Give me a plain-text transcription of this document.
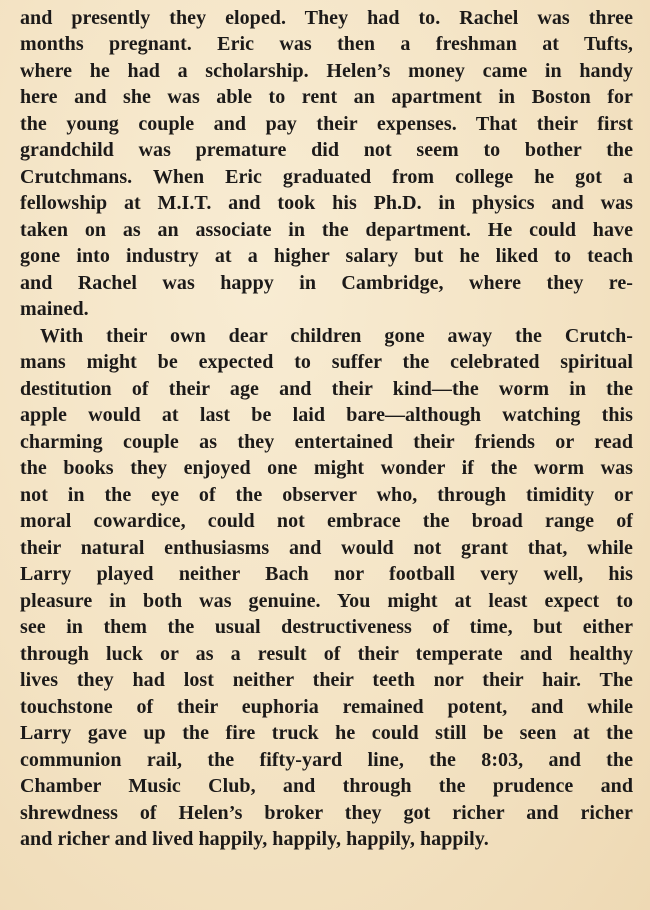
and presently they eloped. They had to. Rachel was three

months pregnant. Eric was then a freshman at Tufts,

where he had a scholarship. Helen’s money came in handy

here and she was able to rent an apartment in Boston for

the young couple and pay their expenses. That their first

grandchild was premature did not seem to bother the

Crutchmans. When Eric graduated from college he got a

fellowship at M.I.T. and took his Ph.D. in physics and was

taken on as an associate in the department. He could have

gone into industry at a higher salary but he liked to teach

and Rachel was happy in Cambridge, where they re-

mained.

With their own dear children gone away the Crutch-

mans might be expected to suffer the celebrated spiritual

destitution of their age and their kind—the worm in the

apple would at last be laid bare—although watching this

charming couple as they entertained their friends or read

the books they enjoyed one might wonder if the worm was

not in the eye of the observer who, through timidity or

moral cowardice, could not embrace the broad range of

their natural enthusiasms and would not grant that, while

Larry played neither Bach nor football very well, his

pleasure in both was genuine. You might at least expect to

see in them the usual destructiveness of time, but either

through luck or as a result of their temperate and healthy

lives they had lost neither their teeth nor their hair. The

touchstone of their euphoria remained potent, and while

Larry gave up the fire truck he could still be seen at the

communion rail, the fifty-yard line, the 8:03, and the

Chamber Music Club, and through the prudence and

shrewdness of Helen’s broker they got richer and richer

and richer and lived happily, happily, happily, happily.
